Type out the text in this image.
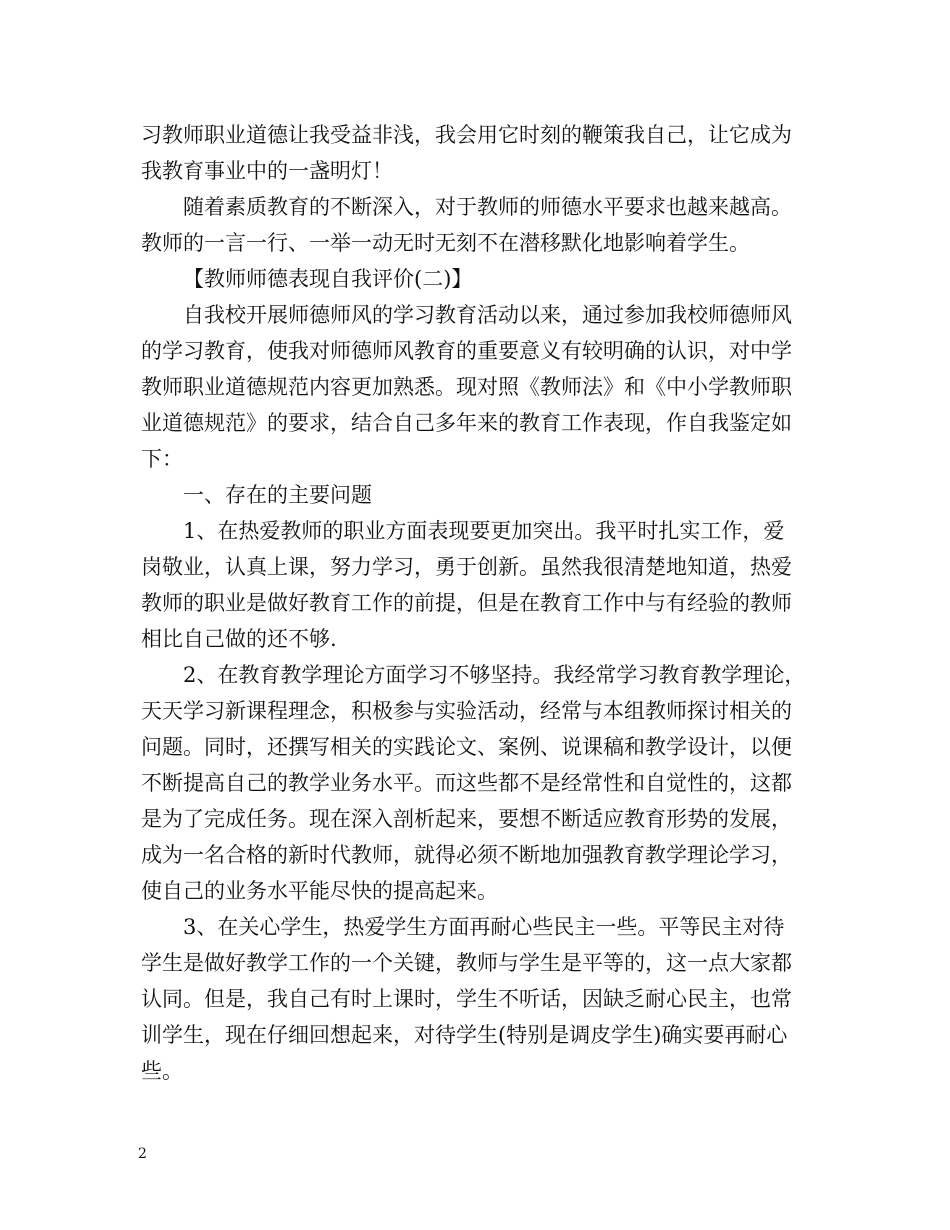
习教师职业道德让我受益非浅，我会用它时刻的鞭策我自己，让它成为
我教育事业中的一盏明灯！
随着素质教育的不断深入，对于教师的师德水平要求也越来越高。
教师的一言一行、一举一动无时无刻不在潜移默化地影响着学生。
【教师师德表现自我评价(二)】
自我校开展师德师风的学习教育活动以来，通过参加我校师德师风
的学习教育，使我对师德师风教育的重要意义有较明确的认识，对中学
教师职业道德规范内容更加熟悉。现对照《教师法》和《中小学教师职
业道德规范》的要求，结合自己多年来的教育工作表现，作自我鉴定如
下：
一、存在的主要问题
1、在热爱教师的职业方面表现要更加突出。我平时扎实工作，爱
岗敬业，认真上课，努力学习，勇于创新。虽然我很清楚地知道，热爱
教师的职业是做好教育工作的前提，但是在教育工作中与有经验的教师
相比自己做的还不够.
2、在教育教学理论方面学习不够坚持。我经常学习教育教学理论，
天天学习新课程理念，积极参与实验活动，经常与本组教师探讨相关的
问题。同时，还撰写相关的实践论文、案例、说课稿和教学设计，以便
不断提高自己的教学业务水平。而这些都不是经常性和自觉性的，这都
是为了完成任务。现在深入剖析起来，要想不断适应教育形势的发展，
成为一名合格的新时代教师，就得必须不断地加强教育教学理论学习，
使自己的业务水平能尽快的提高起来。
3、在关心学生，热爱学生方面再耐心些民主一些。平等民主对待
学生是做好教学工作的一个关键，教师与学生是平等的，这一点大家都
认同。但是，我自己有时上课时，学生不听话，因缺乏耐心民主，也常
训学生，现在仔细回想起来，对待学生(特别是调皮学生)确实要再耐心
些。
2
